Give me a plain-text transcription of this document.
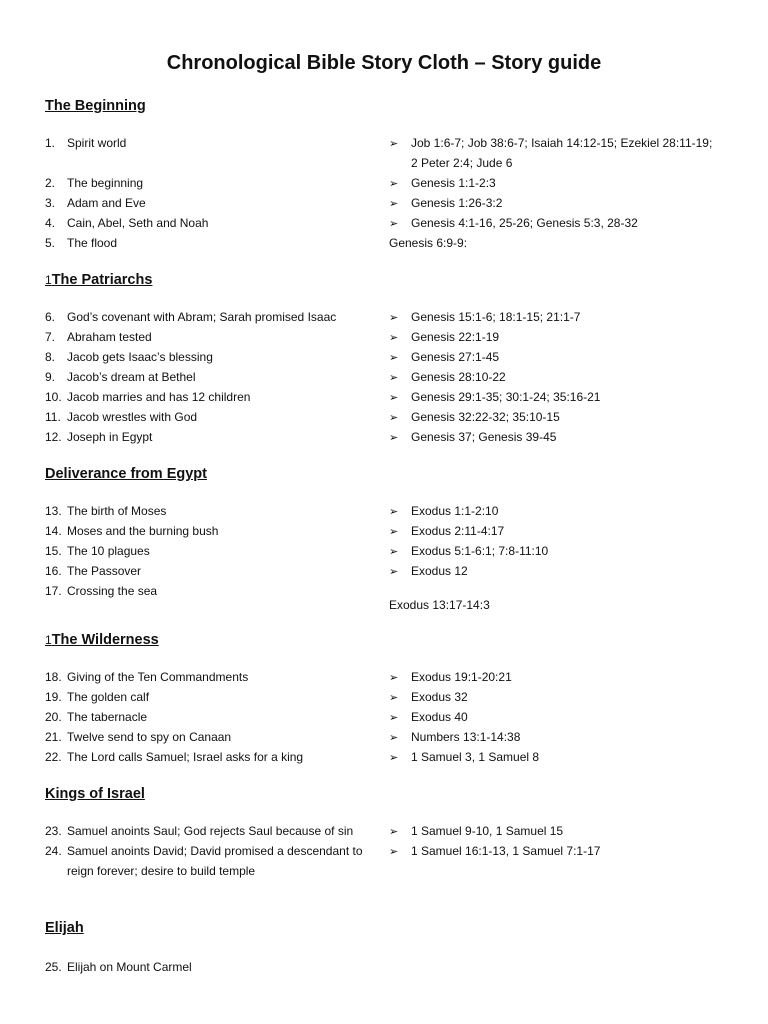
Chronological Bible Story Cloth – Story guide
The Beginning
1. Spirit world
2. The beginning
3. Adam and Eve
4. Cain, Abel, Seth and Noah
5. The flood
➢ Job 1:6-7; Job 38:6-7; Isaiah 14:12-15; Ezekiel 28:11-19;
2 Peter 2:4; Jude 6
➢ Genesis 1:1-2:3
➢ Genesis 1:26-3:2
➢ Genesis 4:1-16, 25-26; Genesis 5:3, 28-32
Genesis 6:9-9:
1The Patriarchs
6. God’s covenant with Abram; Sarah promised Isaac
7. Abraham tested
8. Jacob gets Isaac’s blessing
9. Jacob’s dream at Bethel
10. Jacob marries and has 12 children
11. Jacob wrestles with God
12. Joseph in Egypt
➢ Genesis 15:1-6; 18:1-15; 21:1-7
➢ Genesis 22:1-19
➢ Genesis 27:1-45
➢ Genesis 28:10-22
➢ Genesis 29:1-35; 30:1-24; 35:16-21
➢ Genesis 32:22-32; 35:10-15
➢ Genesis 37; Genesis 39-45
Deliverance from Egypt
13. The birth of Moses
14. Moses and the burning bush
15. The 10 plagues
16. The Passover
17. Crossing the sea
➢ Exodus 1:1-2:10
➢ Exodus 2:11-4:17
➢ Exodus 5:1-6:1; 7:8-11:10
➢ Exodus 12
Exodus 13:17-14:3
1The Wilderness
18. Giving of the Ten Commandments
19. The golden calf
20. The tabernacle
21. Twelve send to spy on Canaan
22. The Lord calls Samuel; Israel asks for a king
➢ Exodus 19:1-20:21
➢ Exodus 32
➢ Exodus 40
➢ Numbers 13:1-14:38
➢ 1 Samuel 3, 1 Samuel 8
Kings of Israel
23. Samuel anoints Saul; God rejects Saul because of sin
24. Samuel anoints David; David promised a descendant to
reign forever; desire to build temple
➢ 1 Samuel 9-10, 1 Samuel 15
➢ 1 Samuel 16:1-13, 1 Samuel 7:1-17
Elijah
25. Elijah on Mount Carmel
